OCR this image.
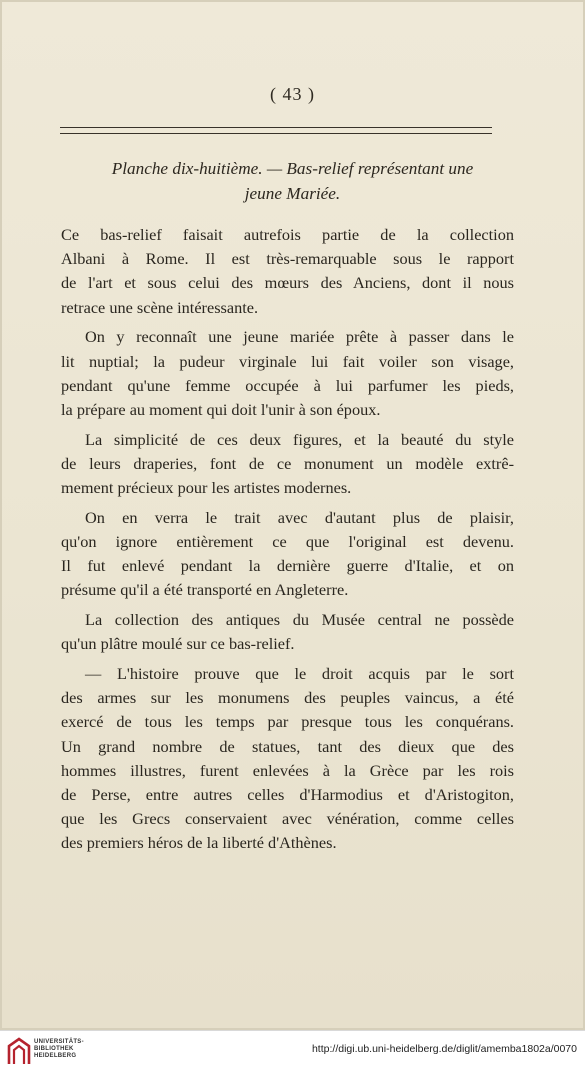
( 43 )
Planche dix-huitième. — Bas-relief représentant une
jeune Mariée.

Ce bas-relief faisait autrefois partie de la collection
Albani à Rome. Il est très-remarquable sous le rapport
de l'art et sous celui des mœurs des Anciens, dont il nous
retrace une scène intéressante.

On y reconnaît une jeune mariée prête à passer dans le
lit nuptial; la pudeur virginale lui fait voiler son visage,
pendant qu'une femme occupée à lui parfumer les pieds,
la prépare au moment qui doit l'unir à son époux.

La simplicité de ces deux figures, et la beauté du style
de leurs draperies, font de ce monument un modèle extrê-
mement précieux pour les artistes modernes.

On en verra le trait avec d'autant plus de plaisir,
qu'on ignore entièrement ce que l'original est devenu.
Il fut enlevé pendant la dernière guerre d'Italie, et on
présume qu'il a été transporté en Angleterre.

La collection des antiques du Musée central ne possède
qu'un plâtre moulé sur ce bas-relief.

— L'histoire prouve que le droit acquis par le sort
des armes sur les monumens des peuples vaincus, a été
exercé de tous les temps par presque tous les conquérans.
Un grand nombre de statues, tant des dieux que des
hommes illustres, furent enlevées à la Grèce par les rois
de Perse, entre autres celles d'Harmodius et d'Aristogiton,
que les Grecs conservaient avec vénération, comme celles
des premiers héros de la liberté d'Athènes.

UNIVERSITÄTS-
BIBLIOTHEK
HEIDELBERG
http://digi.ub.uni-heidelberg.de/diglit/amemba1802a/0070
